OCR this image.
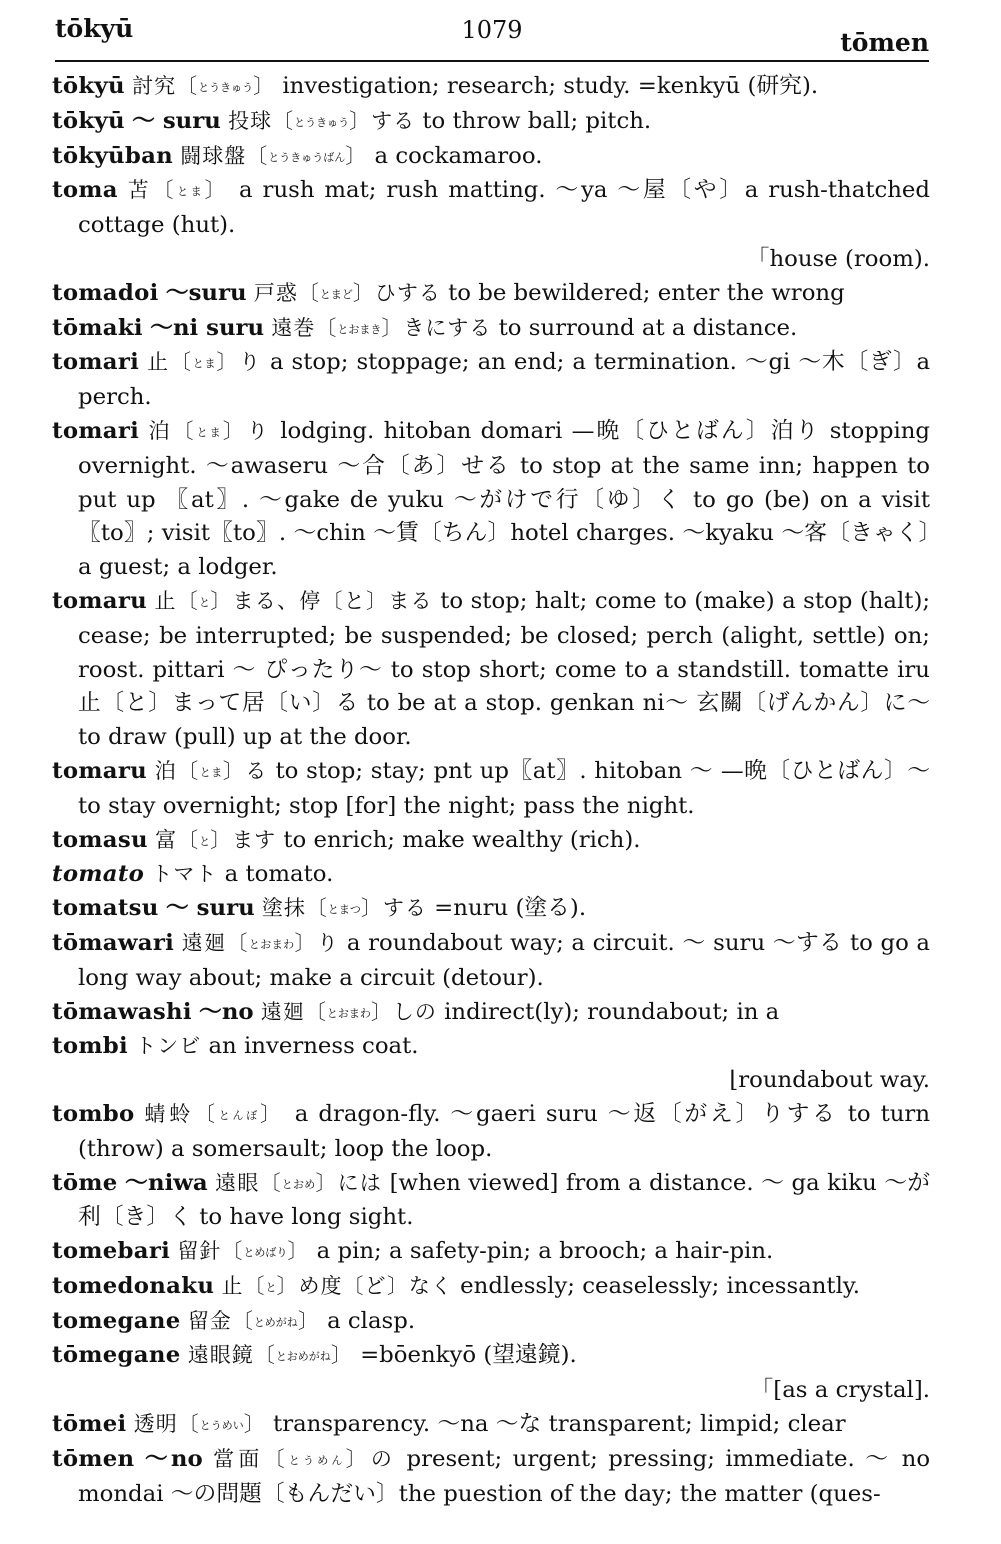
tōkyū	1079	tōmen

tōkyū 討究〔とうきゅう〕 investigation; research; study. =kenkyū (研究).

tōkyū ～ suru 投球〔とうきゅう〕する to throw ball; pitch.

tōkyūban 闘球盤〔とうきゅうばん〕 a cockamaroo.

toma 苫〔とま〕 a rush mat; rush matting. ～ya ～屋〔や〕a rush-thatched cottage (hut).
「house (room).

tomadoi ～suru 戸惑〔とまど〕ひする to be bewildered; enter the wrong

tōmaki ～ni suru 遠巻〔とおまき〕きにする to surround at a distance.

tomari 止〔とま〕り a stop; stoppage; an end; a termination. ～gi ～木〔ぎ〕a perch.

tomari 泊〔とま〕り lodging. hitoban domari —晩〔ひとばん〕泊り stopping overnight. ～awaseru ～合〔あ〕せる to stop at the same inn; happen to put up 〖at〗. ～gake de yuku ～がけで行〔ゆ〕く to go (be) on a visit〖to〗; visit〖to〗. ～chin ～賃〔ちん〕hotel charges. ～kyaku ～客〔きゃく〕a guest; a lodger.

tomaru 止〔と〕まる、停〔と〕まる to stop; halt; come to (make) a stop (halt); cease; be interrupted; be suspended; be closed; perch (alight, settle) on; roost. pittari ～ ぴったり～ to stop short; come to a standstill. tomatte iru 止〔と〕まって居〔い〕る to be at a stop. genkan ni～ 玄關〔げんかん〕に～ to draw (pull) up at the door.

tomaru 泊〔とま〕る to stop; stay; pnt up〖at〗. hitoban ～ —晩〔ひとばん〕～ to stay overnight; stop [for] the night; pass the night.

tomasu 富〔と〕ます to enrich; make wealthy (rich).

tomato トマト a tomato.

tomatsu ～ suru 塗抹〔とまつ〕する =nuru (塗る).

tōmawari 遠廻〔とおまわ〕り a roundabout way; a circuit. ～ suru ～する to go a long way about; make a circuit (detour).

tōmawashi ～no 遠廻〔とおまわ〕しの indirect(ly); roundabout; in a

tombi トンビ an inverness coat.
⌊roundabout way.

tombo 蜻蛉〔とんぼ〕 a dragon-fly. ～gaeri suru ～返〔がえ〕りする to turn (throw) a somersault; loop the loop.

tōme ～niwa 遠眼〔とおめ〕には [when viewed] from a distance. ～ ga kiku ～が利〔き〕く to have long sight.

tomebari 留針〔とめばり〕 a pin; a safety-pin; a brooch; a hair-pin.

tomedonaku 止〔と〕め度〔ど〕なく endlessly; ceaselessly; incessantly.

tomegane 留金〔とめがね〕 a clasp.

tōmegane 遠眼鏡〔とおめがね〕 =bōenkyō (望遠鏡).
「[as a crystal].

tōmei 透明〔とうめい〕 transparency. ～na ～な transparent; limpid; clear

tōmen ～no 當面〔とうめん〕の present; urgent; pressing; immediate. ～ no mondai ～の問題〔もんだい〕the puestion of the day; the matter (ques-
